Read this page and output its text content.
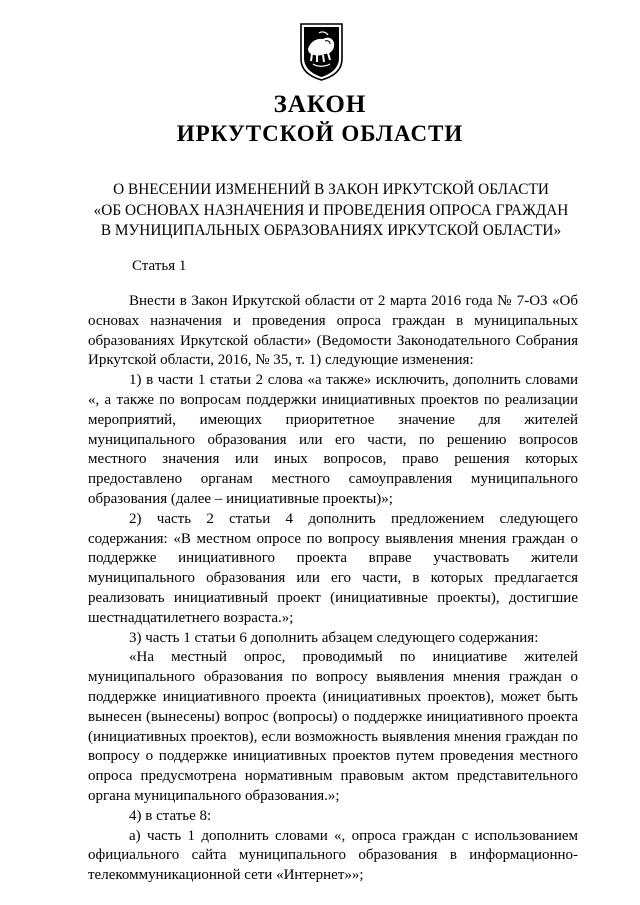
ЗАКОН
ИРКУТСКОЙ ОБЛАСТИ
О ВНЕСЕНИИ ИЗМЕНЕНИЙ В ЗАКОН ИРКУТСКОЙ ОБЛАСТИ
«ОБ ОСНОВАХ НАЗНАЧЕНИЯ И ПРОВЕДЕНИЯ ОПРОСА ГРАЖДАН
В МУНИЦИПАЛЬНЫХ ОБРАЗОВАНИЯХ ИРКУТСКОЙ ОБЛАСТИ»
Статья 1

Внести в Закон Иркутской области от 2 марта 2016 года № 7-ОЗ «Об основах назначения и проведения опроса граждан в муниципальных образованиях Иркутской области» (Ведомости Законодательного Собрания Иркутской области, 2016, № 35, т. 1) следующие изменения:

1) в части 1 статьи 2 слова «а также» исключить, дополнить словами «, а также по вопросам поддержки инициативных проектов по реализации мероприятий, имеющих приоритетное значение для жителей муниципального образования или его части, по решению вопросов местного значения или иных вопросов, право решения которых предоставлено органам местного самоуправления муниципального образования (далее – инициативные проекты)»;

2) часть 2 статьи 4 дополнить предложением следующего содержания: «В местном опросе по вопросу выявления мнения граждан о поддержке инициативного проекта вправе участвовать жители муниципального образования или его части, в которых предлагается реализовать инициативный проект (инициативные проекты), достигшие шестнадцатилетнего возраста.»;

3) часть 1 статьи 6 дополнить абзацем следующего содержания:

«На местный опрос, проводимый по инициативе жителей муниципального образования по вопросу выявления мнения граждан о поддержке инициативного проекта (инициативных проектов), может быть вынесен (вынесены) вопрос (вопросы) о поддержке инициативного проекта (инициативных проектов), если возможность выявления мнения граждан по вопросу о поддержке инициативных проектов путем проведения местного опроса предусмотрена нормативным правовым актом представительного органа муниципального образования.»;

4) в статье 8:

а) часть 1 дополнить словами «, опроса граждан с использованием официального сайта муниципального образования в информационно-телекоммуникационной сети «Интернет»»;
